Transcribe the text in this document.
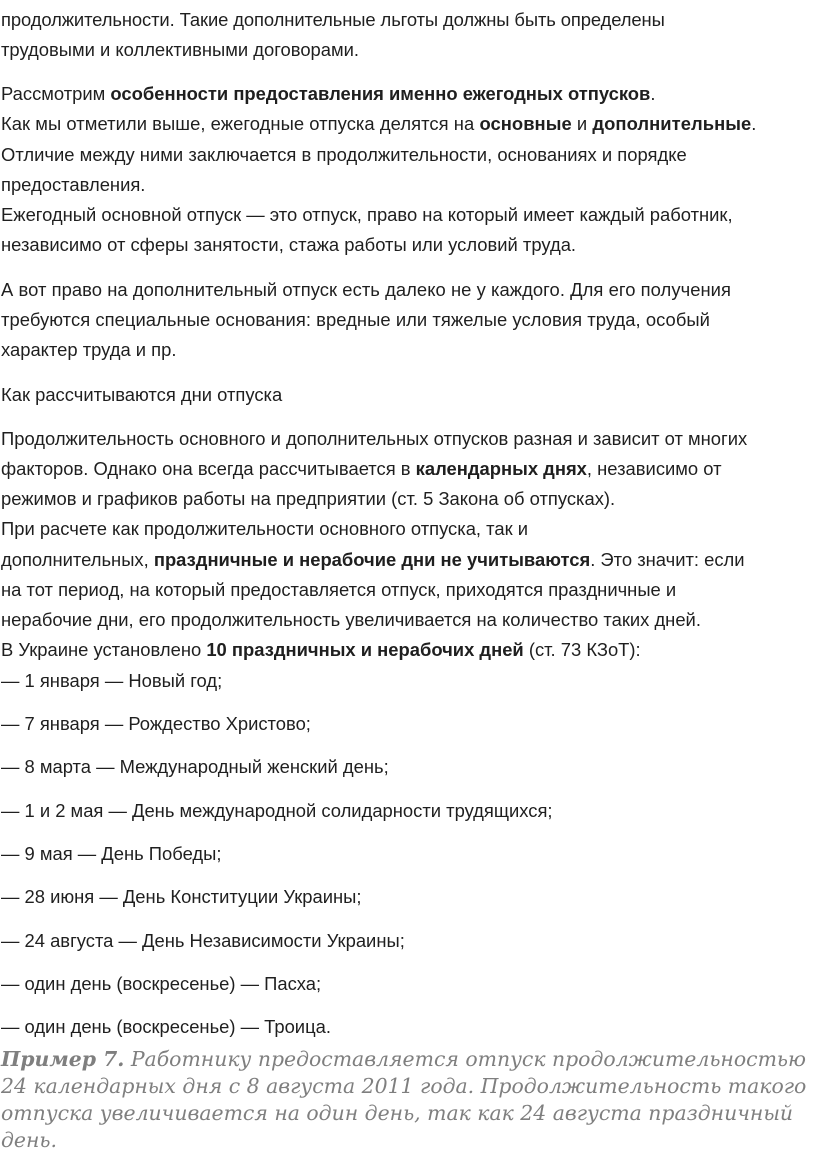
продолжительности. Такие дополнительные льготы должны быть определены
трудовыми и коллективными договорами.
Рассмотрим особенности предоставления именно ежегодных отпусков.
Как мы отметили выше, ежегодные отпуска делятся на основные и дополнительные.
Отличие между ними заключается в продолжительности, основаниях и порядке
предоставления.
Ежегодный основной отпуск — это отпуск, право на который имеет каждый работник,
независимо от сферы занятости, стажа работы или условий труда.
А вот право на дополнительный отпуск есть далеко не у каждого. Для его получения
требуются специальные основания: вредные или тяжелые условия труда, особый
характер труда и пр.
Как рассчитываются дни отпуска
Продолжительность основного и дополнительных отпусков разная и зависит от многих
факторов. Однако она всегда рассчитывается в календарных днях, независимо от
режимов и графиков работы на предприятии (ст. 5 Закона об отпусках).
При расчете как продолжительности основного отпуска, так и
дополнительных, праздничные и нерабочие дни не учитываются. Это значит: если
на тот период, на который предоставляется отпуск, приходятся праздничные и
нерабочие дни, его продолжительность увеличивается на количество таких дней.
В Украине установлено 10 праздничных и нерабочих дней (ст. 73 КЗоТ):
— 1 января — Новый год;
— 7 января — Рождество Христово;
— 8 марта — Международный женский день;
— 1 и 2 мая — День международной солидарности трудящихся;
— 9 мая — День Победы;
— 28 июня — День Конституции Украины;
— 24 августа — День Независимости Украины;
— один день (воскресенье) — Пасха;
— один день (воскресенье) — Троица.
Пример 7. Работнику предоставляется отпуск продолжительностью 24 календарных дня с 8 августа 2011 года. Продолжительность такого отпуска увеличивается на один день, так как 24 августа праздничный день.
